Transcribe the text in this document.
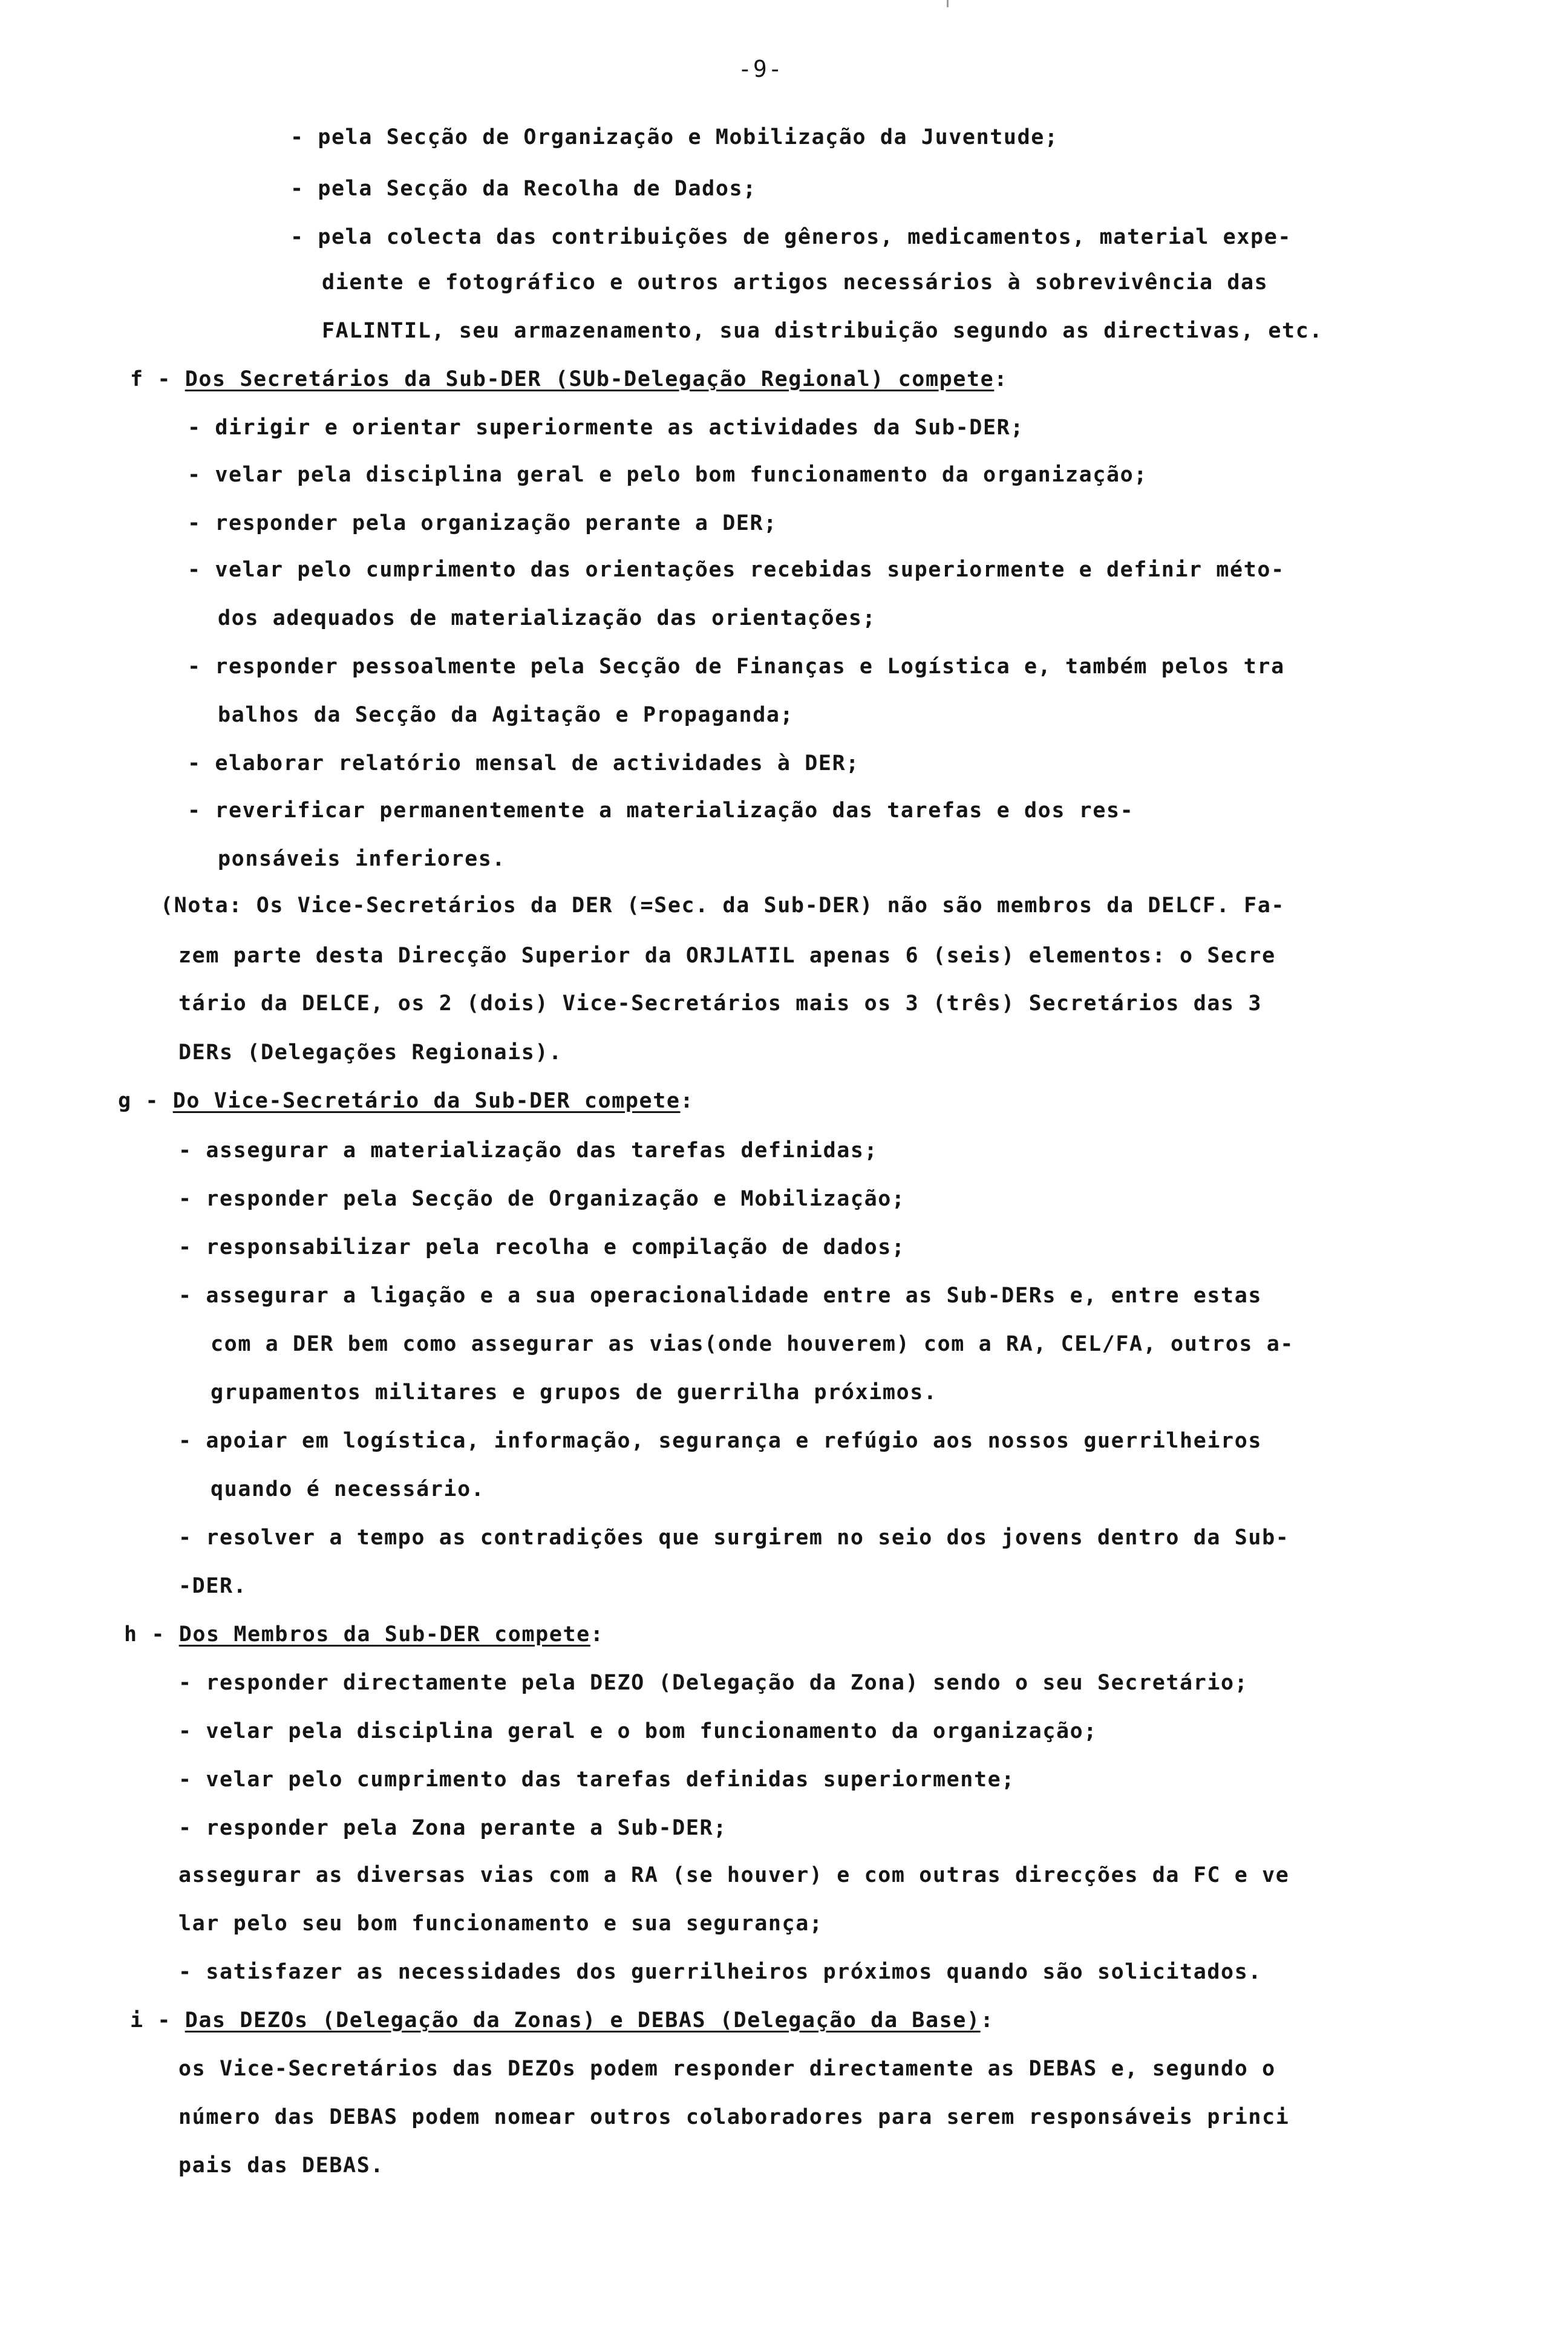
-9-
- pela Secção de Organização e Mobilização da Juventude;
- pela Secção da Recolha de Dados;
- pela colecta das contribuições de gêneros, medicamentos, material expe-
diente e fotográfico e outros artigos necessários à sobrevivência das
FALINTIL, seu armazenamento, sua distribuição segundo as directivas, etc.
f - Dos Secretários da Sub-DER (SUb-Delegação Regional) compete:
- dirigir e orientar superiormente as actividades da Sub-DER;
- velar pela disciplina geral e pelo bom funcionamento da organização;
- responder pela organização perante a DER;
- velar pelo cumprimento das orientações recebidas superiormente e definir méto-
dos adequados de materialização das orientações;
- responder pessoalmente pela Secção de Finanças e Logística e, também pelos tra
balhos da Secção da Agitação e Propaganda;
- elaborar relatório mensal de actividades à DER;
- reverificar permanentemente a materialização das tarefas e dos res-
ponsáveis inferiores.
(Nota: Os Vice-Secretários da DER (=Sec. da Sub-DER) não são membros da DELCF. Fa-
zem parte desta Direcção Superior da ORJLATIL apenas 6 (seis) elementos: o Secre
tário da DELCE, os 2 (dois) Vice-Secretários mais os 3 (três) Secretários das 3
DERs (Delegações Regionais).
g - Do Vice-Secretário da Sub-DER compete:
- assegurar a materialização das tarefas definidas;
- responder pela Secção de Organização e Mobilização;
- responsabilizar pela recolha e compilação de dados;
- assegurar a ligação e a sua operacionalidade entre as Sub-DERs e, entre estas
com a DER bem como assegurar as vias(onde houverem) com a RA, CEL/FA, outros a-
grupamentos militares e grupos de guerrilha próximos.
- apoiar em logística, informação, segurança e refúgio aos nossos guerrilheiros
quando é necessário.
- resolver a tempo as contradições que surgirem no seio dos jovens dentro da Sub-
-DER.
h - Dos Membros da Sub-DER compete:
- responder directamente pela DEZO (Delegação da Zona) sendo o seu Secretário;
- velar pela disciplina geral e o bom funcionamento da organização;
- velar pelo cumprimento das tarefas definidas superiormente;
- responder pela Zona perante a Sub-DER;
assegurar as diversas vias com a RA (se houver) e com outras direcções da FC e ve
lar pelo seu bom funcionamento e sua segurança;
- satisfazer as necessidades dos guerrilheiros próximos quando são solicitados.
i - Das DEZOs (Delegação da Zonas) e DEBAS (Delegação da Base):
os Vice-Secretários das DEZOs podem responder directamente as DEBAS e, segundo o
número das DEBAS podem nomear outros colaboradores para serem responsáveis princi
pais das DEBAS.
